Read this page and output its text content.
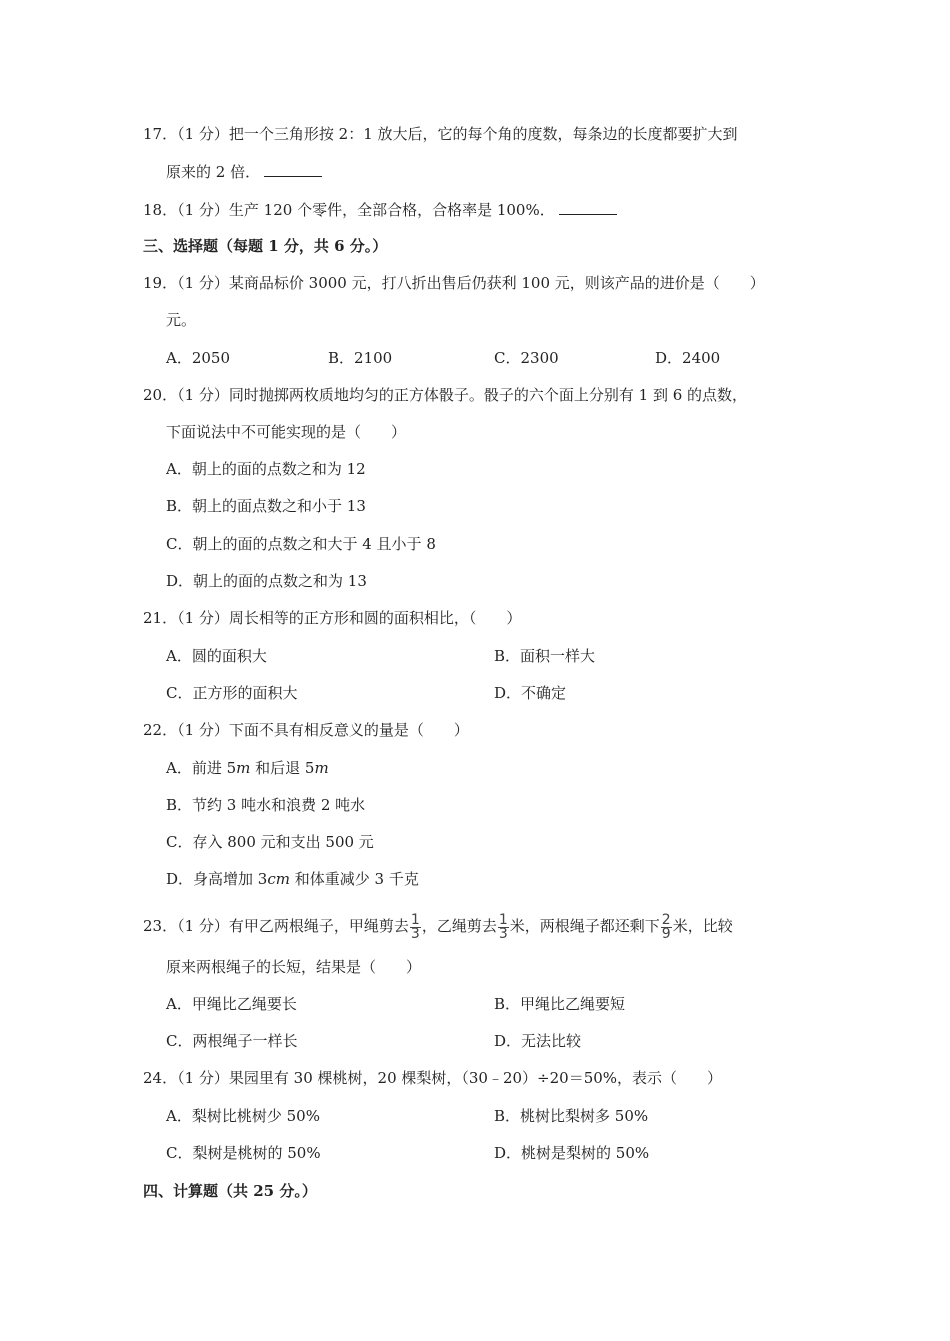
17．（1 分）把一个三角形按 2：1 放大后，它的每个角的度数，每条边的长度都要扩大到
原来的 2 倍．
18．（1 分）生产 120 个零件，全部合格，合格率是 100%．
三、选择题（每题 1 分，共 6 分。）
19．（1 分）某商品标价 3000 元，打八折出售后仍获利 100 元，则该产品的进价是（　　）
元。
A．2050	B．2100	C．2300	D．2400
20．（1 分）同时抛掷两枚质地均匀的正方体骰子。骰子的六个面上分别有 1 到 6 的点数，
下面说法中不可能实现的是（　　）
A．朝上的面的点数之和为 12
B．朝上的面点数之和小于 13
C．朝上的面的点数之和大于 4 且小于 8
D．朝上的面的点数之和为 13
21．（1 分）周长相等的正方形和圆的面积相比，（　　）
A．圆的面积大	B．面积一样大
C．正方形的面积大	D．不确定
22．（1 分）下面不具有相反意义的量是（　　）
A．前进 5m 和后退 5m
B．节约 3 吨水和浪费 2 吨水
C．存入 800 元和支出 500 元
D．身高增加 3cm 和体重减少 3 千克
23．（1 分）有甲乙两根绳子，甲绳剪去 $\frac{1}{3}$ ，乙绳剪去 $\frac{1}{3}$ 米，两根绳子都还剩下 $\frac{2}{9}$ 米，比较
原来两根绳子的长短，结果是（　　）
A．甲绳比乙绳要长	B．甲绳比乙绳要短
C．两根绳子一样长	D．无法比较
24．（1 分）果园里有 30 棵桃树，20 棵梨树，（30﹣20）÷20＝50%，表示（　　）
A．梨树比桃树少 50%	B．桃树比梨树多 50%
C．梨树是桃树的 50%	D．桃树是梨树的 50%
四、计算题（共 25 分。）
